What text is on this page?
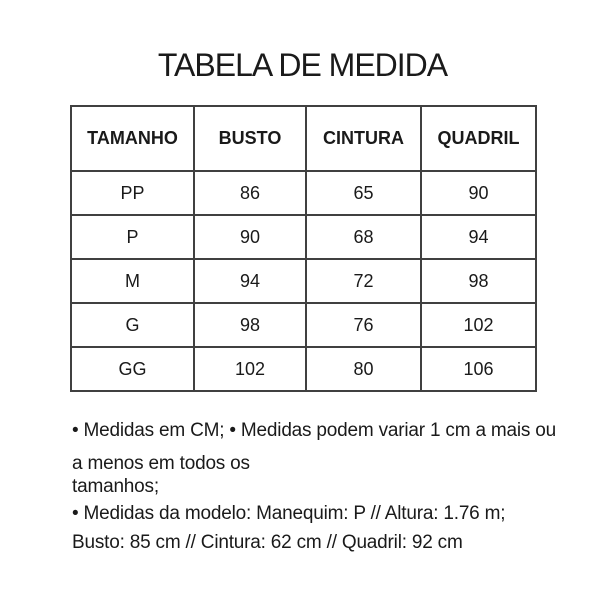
TABELA DE MEDIDA
TAMANHO	BUSTO	CINTURA	QUADRIL
PP	86	65	90
P	90	68	94
M	94	72	98
G	98	76	102
GG	102	80	106
• Medidas em CM; • Medidas podem variar 1 cm a mais ou
a menos em todos os
tamanhos;
• Medidas da modelo: Manequim: P // Altura: 1.76 m;
Busto: 85 cm // Cintura: 62 cm // Quadril: 92 cm
